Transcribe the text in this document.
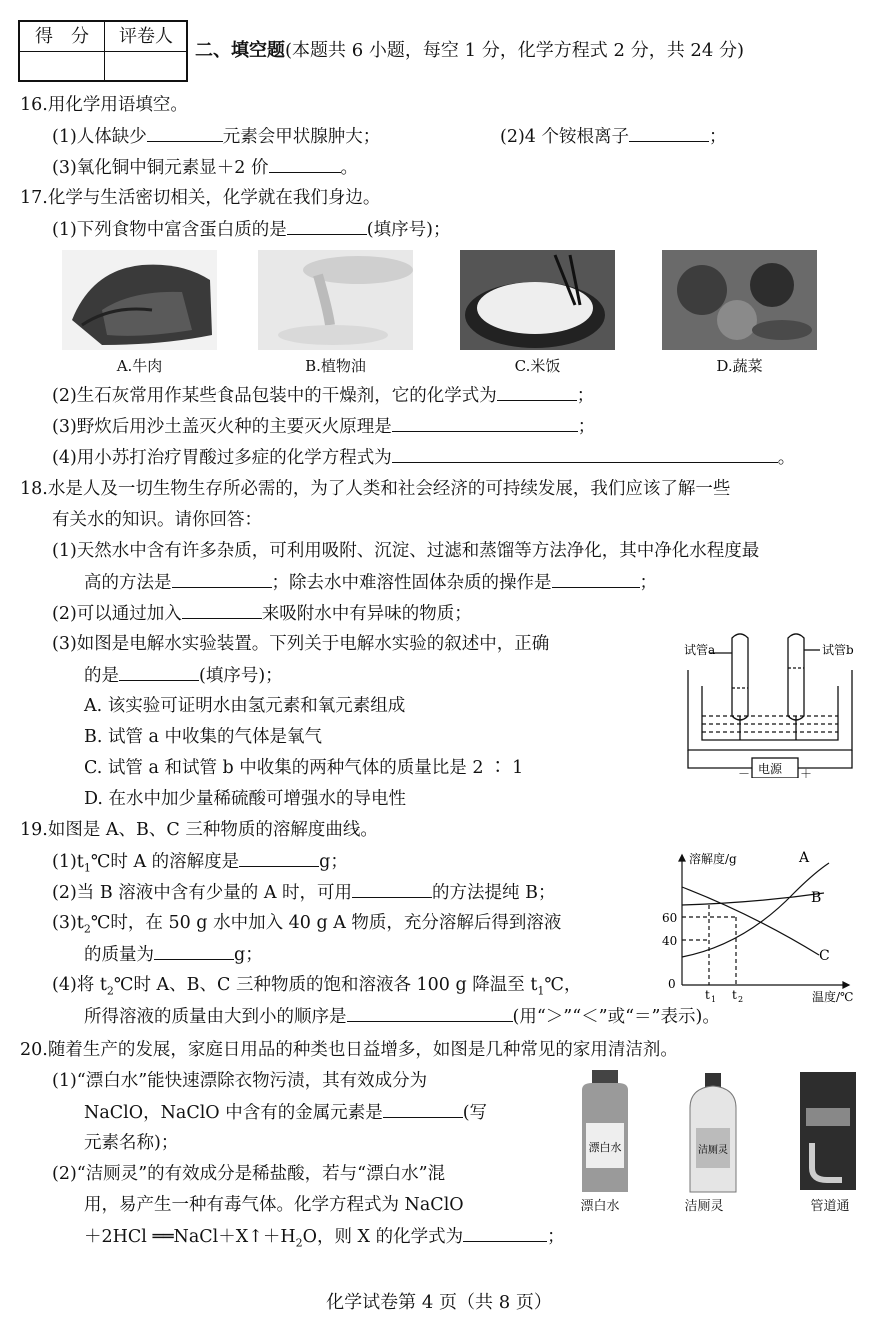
得　分	评卷人
二、填空题(本题共 6 小题，每空 1 分，化学方程式 2 分，共 24 分)
16.用化学用语填空。
(1)人体缺少	元素会甲状腺肿大；	(2)4 个铵根离子	；
(3)氧化铜中铜元素显＋2 价	。
17.化学与生活密切相关，化学就在我们身边。
(1)下列食物中富含蛋白质的是	(填序号)；
A.牛肉	B.植物油	C.米饭	D.蔬菜
(2)生石灰常用作某些食品包装中的干燥剂，它的化学式为	；
(3)野炊后用沙土盖灭火种的主要灭火原理是	；
(4)用小苏打治疗胃酸过多症的化学方程式为	。
18.水是人及一切生物生存所必需的，为了人类和社会经济的可持续发展，我们应该了解一些
有关水的知识。请你回答：
(1)天然水中含有许多杂质，可利用吸附、沉淀、过滤和蒸馏等方法净化，其中净化水程度最
高的方法是	；除去水中难溶性固体杂质的操作是	；
(2)可以通过加入	来吸附水中有异味的物质；
(3)如图是电解水实验装置。下列关于电解水实验的叙述中，正确
的是	(填序号)；
A. 该实验可证明水由氢元素和氧元素组成
B. 试管 a 中收集的气体是氧气
C. 试管 a 和试管 b 中收集的两种气体的质量比是 2 ∶ 1
D. 在水中加少量稀硫酸可增强水的导电性
试管a	试管b
电源
－	＋
19.如图是 A、B、C 三种物质的溶解度曲线。
$(1)t_1℃$时 A 的溶解度是	g；
(2)当 B 溶液中含有少量的 A 时，可用	的方法提纯 B；
$(3)t_2℃$时，在 50 g 水中加入 40 g A 物质，充分溶解后得到溶液
的质量为	g；
(4)将 $t_2℃$时 A、B、C 三种物质的饱和溶液各 100 g 降温至 $t_1℃$，
所得溶液的质量由大到小的顺序是	(用“＞”“＜”或“＝”表示)。
溶解度/g	A
B
C
60
40
0
t 1 t 2	温度/℃
20.随着生产的发展，家庭日用品的种类也日益增多，如图是几种常见的家用清洁剂。
(1)“漂白水”能快速漂除衣物污渍，其有效成分为
NaClO，NaClO 中含有的金属元素是	(写
元素名称)；
(2)“洁厕灵”的有效成分是稀盐酸，若与“漂白水”混
用，易产生一种有毒气体。化学方程式为 NaClO
＋2HCl $══NaCl+X↑+H_2O$，则 X 的化学式为	；
漂白水	洁厕灵
漂白水	洁厕灵	管道通
化学试卷第 4 页（共 8 页）
